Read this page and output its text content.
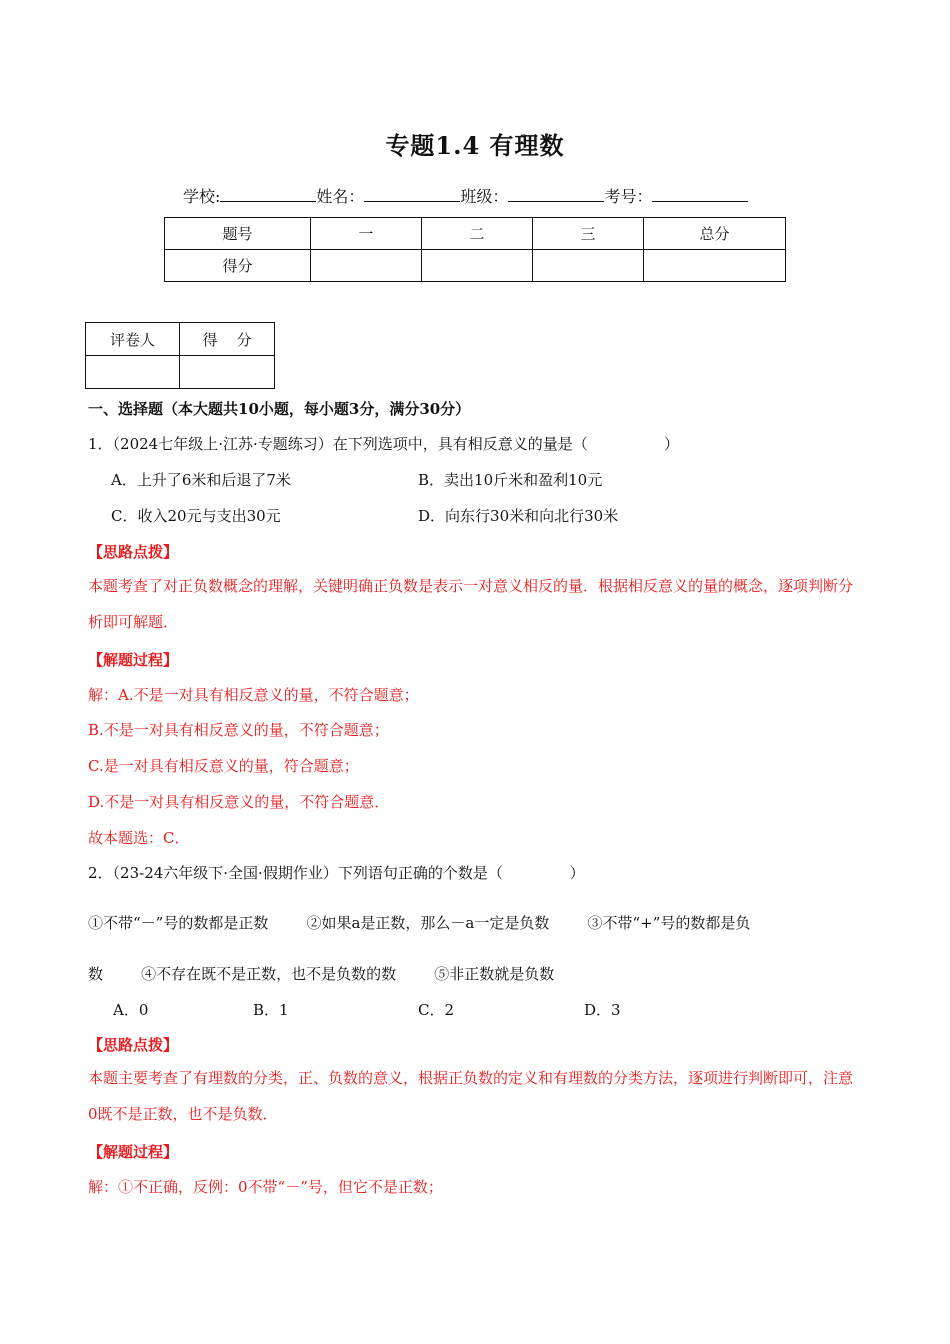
专题1.4 有理数
学校:	姓名：	班级：	考号：
题号	一	二	三	总分
得分				
评卷人	得    分

一、选择题（本大题共10小题，每小题3分，满分30分）
1．（2024七年级上·江苏·专题练习）在下列选项中，具有相反意义的量是（                ）
A．上升了6米和后退了7米	B．卖出10斤米和盈利10元
C．收入20元与支出30元	D．向东行30米和向北行30米
【思路点拨】
本题考查了对正负数概念的理解，关键明确正负数是表示一对意义相反的量．根据相反意义的量的概念，逐项判断分析即可解题．
【解题过程】
解：A.不是一对具有相反意义的量，不符合题意；
B.不是一对具有相反意义的量，不符合题意；
C.是一对具有相反意义的量，符合题意；
D.不是一对具有相反意义的量，不符合题意．
故本题选：C．
2．（23-24六年级下·全国·假期作业）下列语句正确的个数是（              ）
①不带“－”号的数都是正数        ②如果a是正数，那么－a一定是负数        ③不带“+”号的数都是负
数        ④不存在既不是正数，也不是负数的数        ⑤非正数就是负数
A．0	B．1	C．2	D．3
【思路点拨】
本题主要考查了有理数的分类，正、负数的意义，根据正负数的定义和有理数的分类方法，逐项进行判断即可，注意0既不是正数，也不是负数．
【解题过程】
解：①不正确，反例：0不带“－”号，但它不是正数；
